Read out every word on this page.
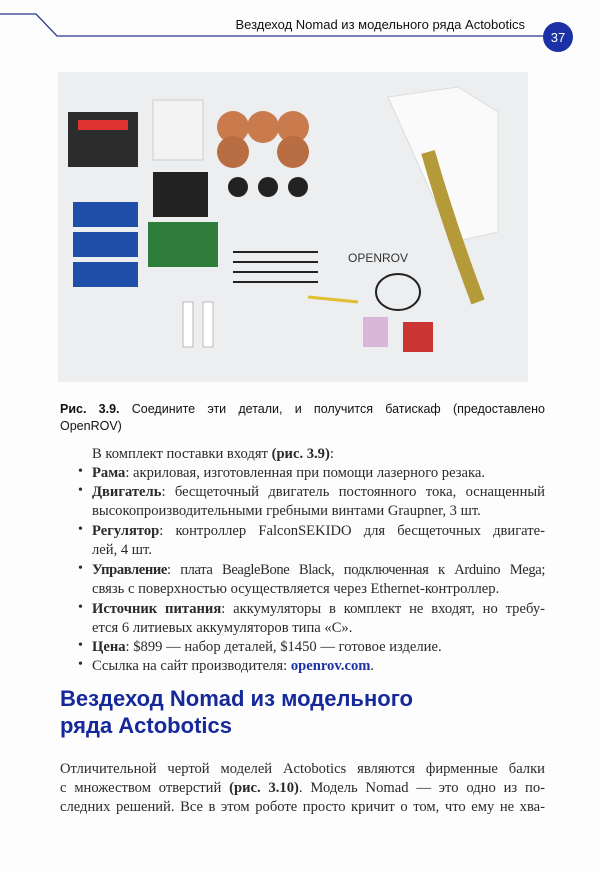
Вездеход Nomad из модельного ряда Actobotics
37
OPENROV
Рис. 3.9. Соедините эти детали, и получится батискаф (предоставлено
OpenROV)
В комплект поставки входят (рис. 3.9):
• Рама: акриловая, изготовленная при помощи лазерного резака.
• Двигатель: бесщеточный двигатель постоянного тока, оснащенный
высокопроизводительными гребными винтами Graupner, 3 шт.
• Регулятор: контроллер FalconSEKIDO для бесщеточных двигате-
лей, 4 шт.
• Управление: плата BeagleBone Black, подключенная к Arduino Mega;
связь с поверхностью осуществляется через Ethernet-контроллер.
• Источник питания: аккумуляторы в комплект не входят, но требу-
ется 6 литиевых аккумуляторов типа «С».
• Цена: $899 — набор деталей, $1450 — готовое изделие.
• Ссылка на сайт производителя: openrov.com.
Вездеход Nomad из модельного
ряда Actobotics
Отличительной чертой моделей Actobotics являются фирменные балки
с множеством отверстий (рис. 3.10). Модель Nomad — это одно из по-
следних решений. Все в этом роботе просто кричит о том, что ему не хва-
